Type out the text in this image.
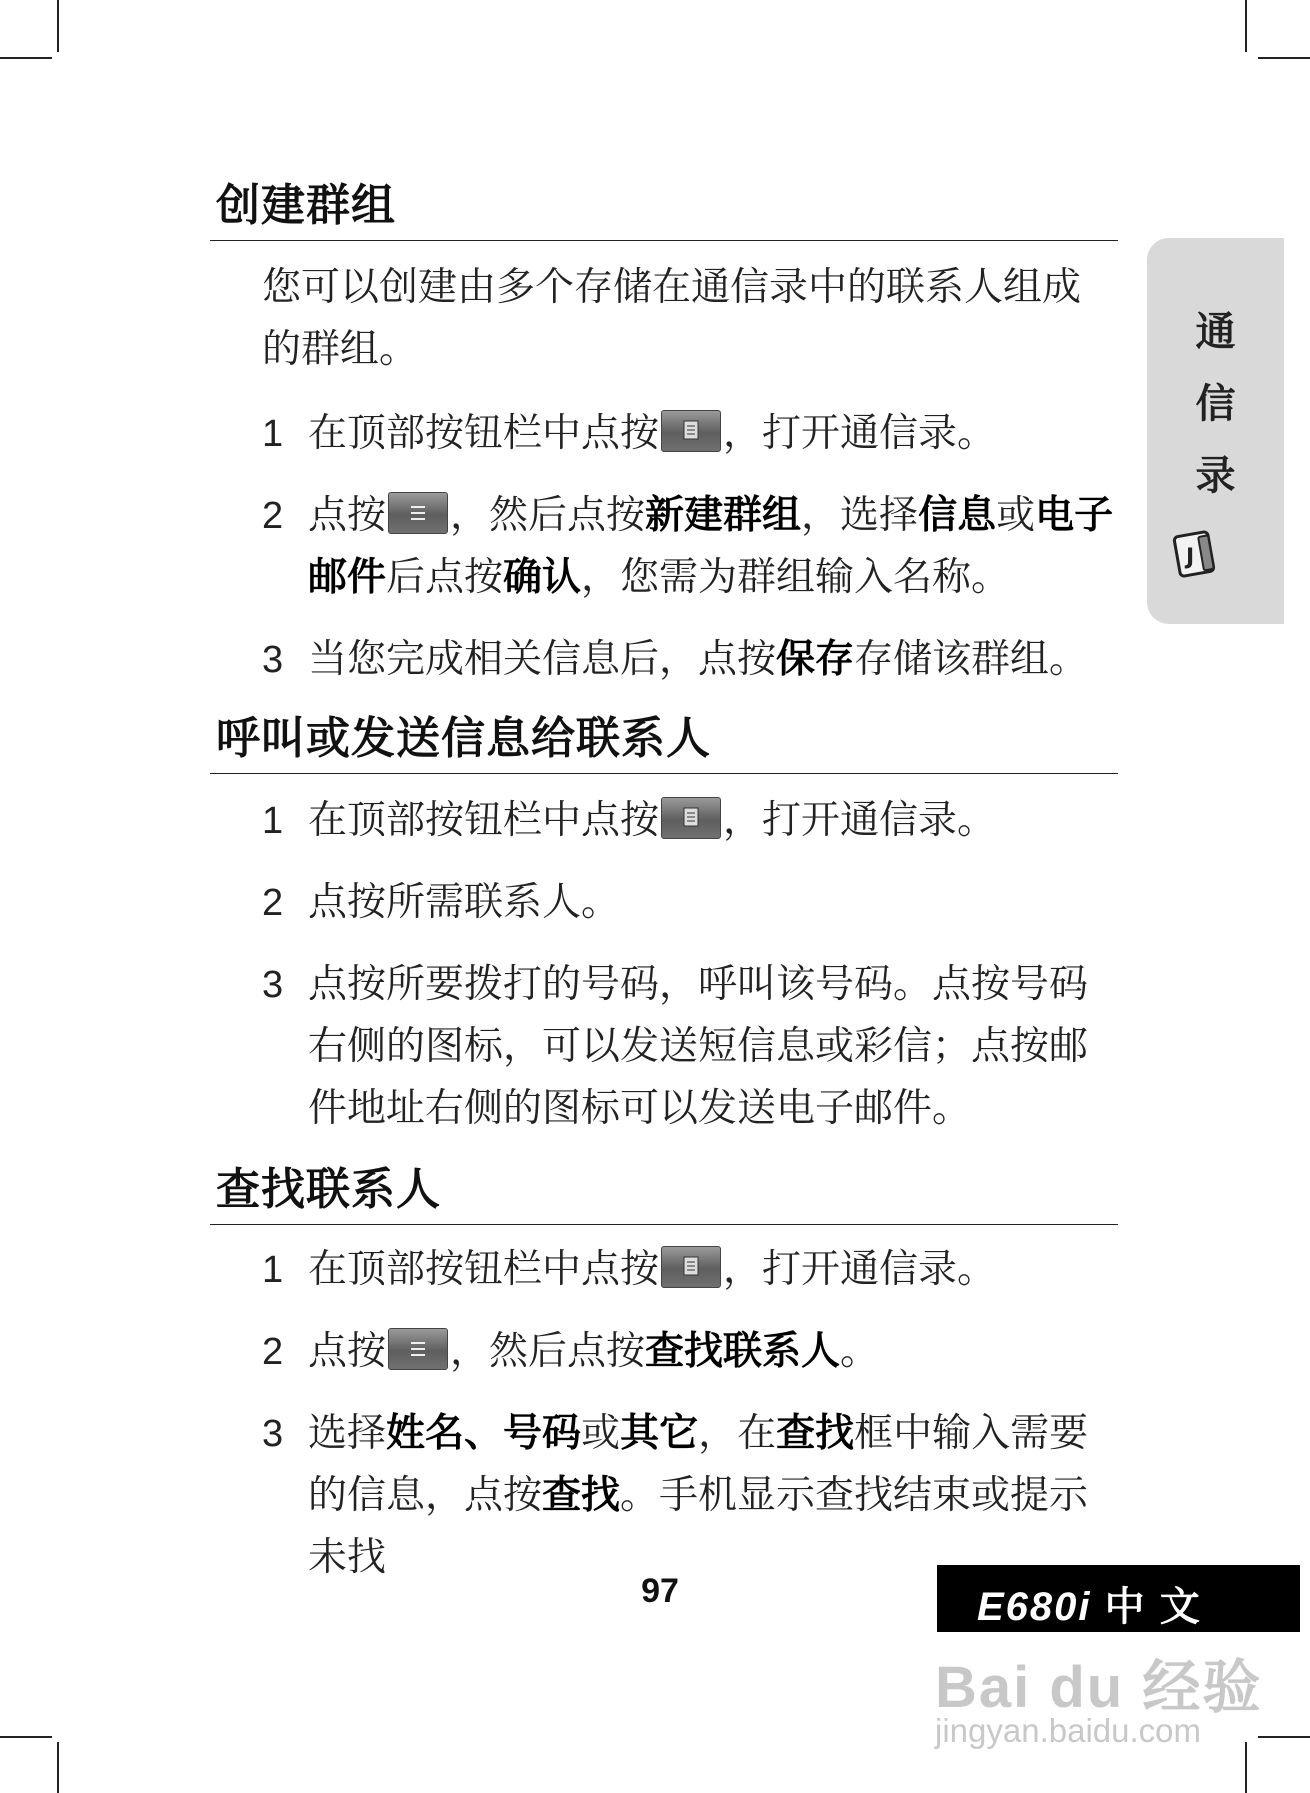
创建群组
您可以创建由多个存储在通信录中的联系人组成的群组。
1 在顶部按钮栏中点按 ，打开通信录。
2 点按 ，然后点按新建群组，选择信息或电子邮件后点按确认，您需为群组输入名称。
3 当您完成相关信息后，点按保存存储该群组。
呼叫或发送信息给联系人
1 在顶部按钮栏中点按 ，打开通信录。
2 点按所需联系人。
3 点按所要拨打的号码，呼叫该号码。点按号码右侧的图标，可以发送短信息或彩信；点按邮件地址右侧的图标可以发送电子邮件。
查找联系人
1 在顶部按钮栏中点按 ，打开通信录。
2 点按 ，然后点按查找联系人。
3 选择姓名、号码或其它，在查找框中输入需要的信息，点按查找。手机显示查找结束或提示未找
通
信
录
J
97	E680i 中 文
Bai du 经验
jingyan.baidu.com
